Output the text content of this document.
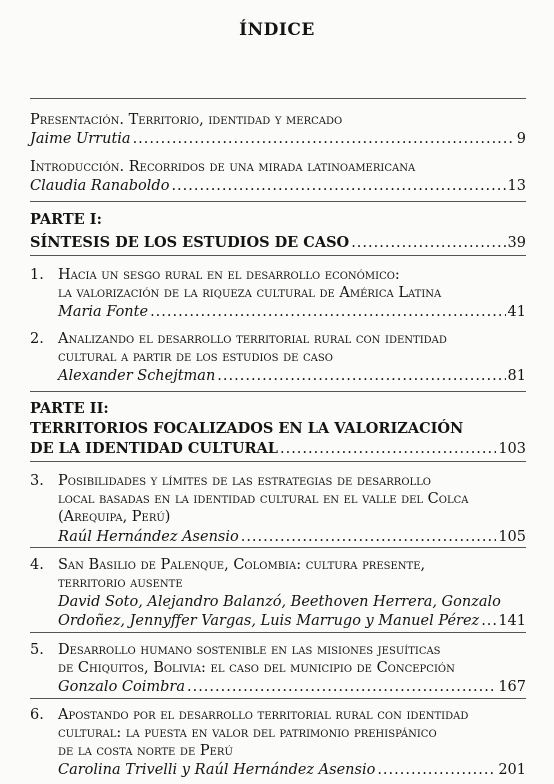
ÍNDICE
Presentación. Territorio, identidad y mercado
Jaime Urrutia .....	9
Introducción. Recorridos de una mirada latinoamericana
Claudia Ranaboldo .....	13
PARTE I:
SÍNTESIS DE LOS ESTUDIOS DE CASO .....	39
1. Hacia un sesgo rural en el desarrollo económico:
la valorización de la riqueza cultural de América Latina
Maria Fonte .....	41
2. Analizando el desarrollo territorial rural con identidad
cultural a partir de los estudios de caso
Alexander Schejtman .....	81
PARTE II:
TERRITORIOS FOCALIZADOS EN LA VALORIZACIÓN
DE LA IDENTIDAD CULTURAL .....	103
3. Posibilidades y límites de las estrategias de desarrollo
local basadas en la identidad cultural en el valle del Colca
(Arequipa, Perú)
Raúl Hernández Asensio .....	105
4. San Basilio de Palenque, Colombia: cultura presente,
territorio ausente
David Soto, Alejandro Balanzó, Beethoven Herrera, Gonzalo
Ordoñez, Jennyffer Vargas, Luis Marrugo y Manuel Pérez ..... 141
5. Desarrollo humano sostenible en las misiones jesuíticas
de Chiquitos, Bolivia: el caso del municipio de Concepción
Gonzalo Coimbra .....	167
6. Apostando por el desarrollo territorial rural con identidad
cultural: la puesta en valor del patrimonio prehispánico
de la costa norte de Perú
Carolina Trivelli y Raúl Hernández Asensio .....	201
